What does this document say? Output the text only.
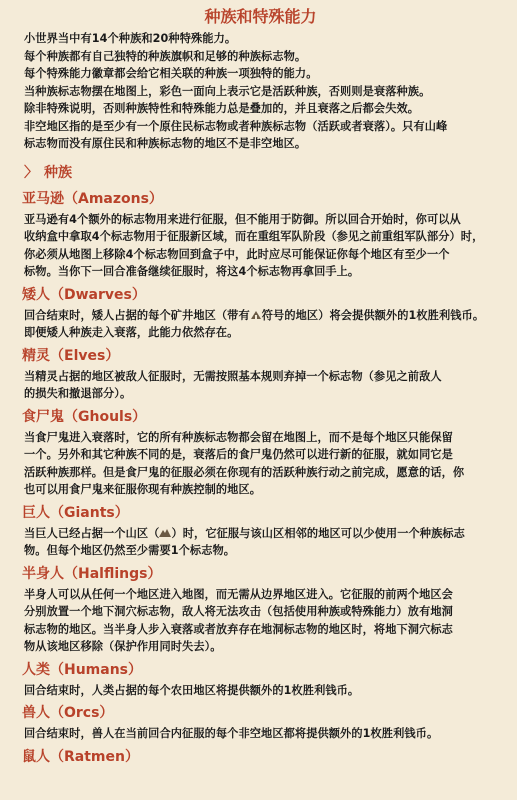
种族和特殊能力

小世界当中有14个种族和20种特殊能力。

每个种族都有自己独特的种族旗帜和足够的种族标志物。

每个特殊能力徽章都会给它相关联的种族一项独特的能力。

当种族标志物摆在地图上，彩色一面向上表示它是活跃种族，否则则是衰落种族。

除非特殊说明，否则种族特性和特殊能力总是叠加的，并且衰落之后都会失效。

非空地区指的是至少有一个原住民标志物或者种族标志物（活跃或者衰落）。只有山峰

标志物而没有原住民和种族标志物的地区不是非空地区。

〉 种族
亚马逊（Amazons）

亚马逊有4个额外的标志物用来进行征服，但不能用于防御。所以回合开始时，你可以从

收纳盒中拿取4个标志物用于征服新区域，而在重组军队阶段（参见之前重组军队部分）时，

你必须从地图上移除4个标志物回到盒子中，此时应尽可能保证你每个地区有至少一个

标物。当你下一回合准备继续征服时，将这4个标志物再拿回手上。

矮人（Dwarves）

回合结束时，矮人占据的每个矿井地区（带有 符号的地区）将会提供额外的1枚胜利钱币。

即便矮人种族走入衰落，此能力依然存在。

精灵（Elves）

当精灵占据的地区被敌人征服时，无需按照基本规则弃掉一个标志物（参见之前敌人

的损失和撤退部分）。

食尸鬼（Ghouls）

当食尸鬼进入衰落时，它的所有种族标志物都会留在地图上，而不是每个地区只能保留

一个。另外和其它种族不同的是，衰落后的食尸鬼仍然可以进行新的征服，就如同它是

活跃种族那样。但是食尸鬼的征服必须在你现有的活跃种族行动之前完成，愿意的话，你

也可以用食尸鬼来征服你现有种族控制的地区。

巨人（Giants）

当巨人已经占据一个山区（ ）时，它征服与该山区相邻的地区可以少使用一个种族标志

物。但每个地区仍然至少需要1个标志物。

半身人（Halflings）

半身人可以从任何一个地区进入地图，而无需从边界地区进入。它征服的前两个地区会

分别放置一个地下洞穴标志物，敌人将无法攻击（包括使用种族或特殊能力）放有地洞

标志物的地区。当半身人步入衰落或者放弃存在地洞标志物的地区时，将地下洞穴标志

物从该地区移除（保护作用同时失去）。

人类（Humans）

回合结束时，人类占据的每个农田地区将提供额外的1枚胜利钱币。

兽人（Orcs）

回合结束时，兽人在当前回合内征服的每个非空地区都将提供额外的1枚胜利钱币。

鼠人（Ratmen）
